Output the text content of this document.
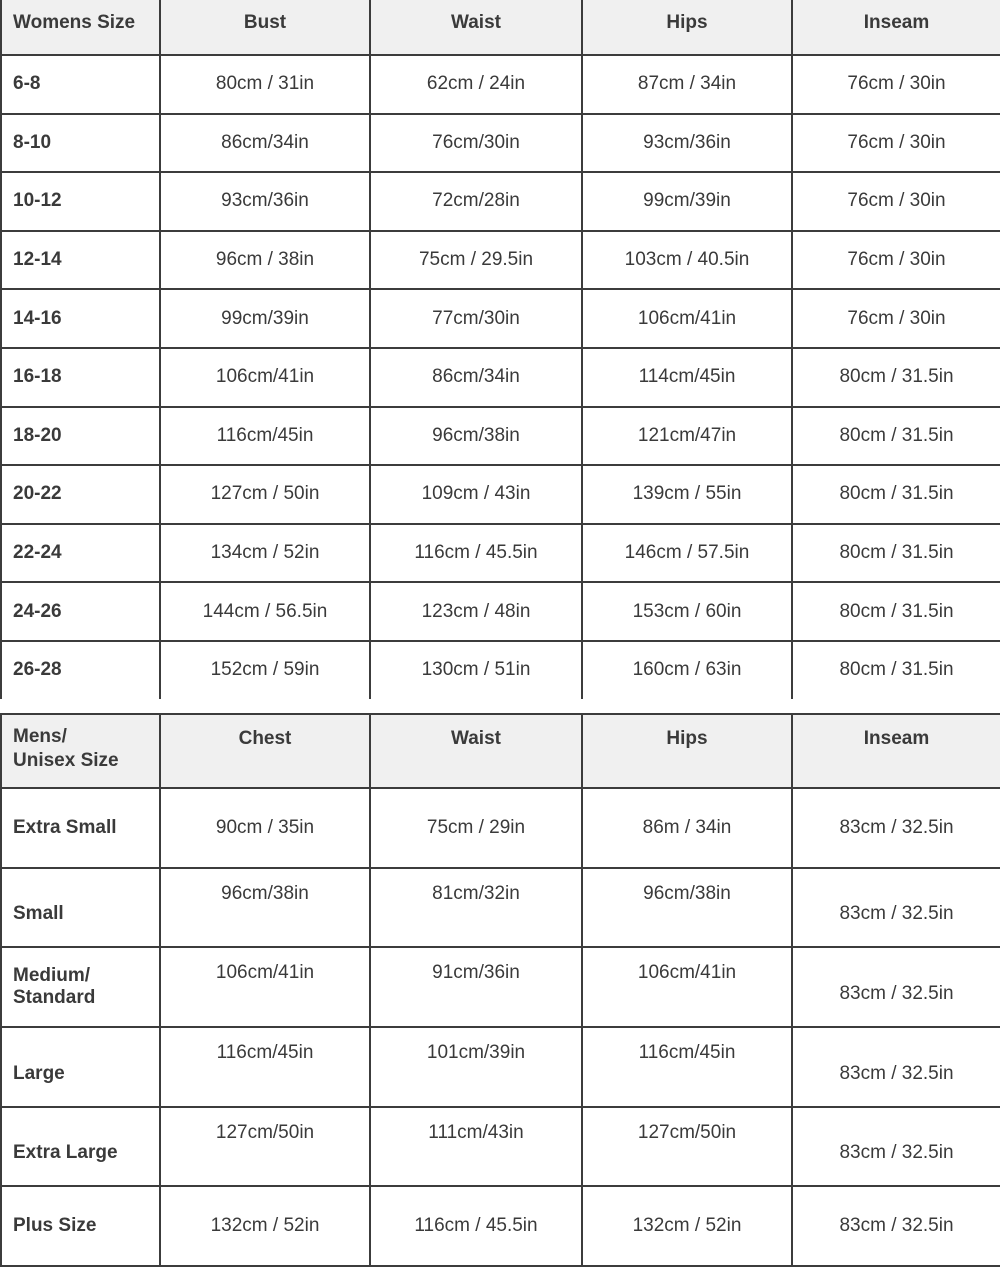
Womens Size	Bust	Waist	Hips	Inseam
6-8	80cm / 31in	62cm / 24in	87cm / 34in	76cm / 30in
8-10	86cm/34in	76cm/30in	93cm/36in	76cm / 30in
10-12	93cm/36in	72cm/28in	99cm/39in	76cm / 30in
12-14	96cm / 38in	75cm / 29.5in	103cm / 40.5in	76cm / 30in
14-16	99cm/39in	77cm/30in	106cm/41in	76cm / 30in
16-18	106cm/41in	86cm/34in	114cm/45in	80cm / 31.5in
18-20	116cm/45in	96cm/38in	121cm/47in	80cm / 31.5in
20-22	127cm / 50in	109cm / 43in	139cm / 55in	80cm / 31.5in
22-24	134cm / 52in	116cm / 45.5in	146cm / 57.5in	80cm / 31.5in
24-26	144cm / 56.5in	123cm / 48in	153cm / 60in	80cm / 31.5in
26-28	152cm / 59in	130cm / 51in	160cm / 63in	80cm / 31.5in
Mens/
Unisex Size	Chest	Waist	Hips	Inseam
Extra Small	90cm / 35in	75cm / 29in	86m / 34in	83cm / 32.5in
Small	96cm/38in	81cm/32in	96cm/38in	83cm / 32.5in
Medium/
Standard	106cm/41in	91cm/36in	106cm/41in	83cm / 32.5in
Large	116cm/45in	101cm/39in	116cm/45in	83cm / 32.5in
Extra Large	127cm/50in	111cm/43in	127cm/50in	83cm / 32.5in
Plus Size	132cm / 52in	116cm / 45.5in	132cm / 52in	83cm / 32.5in
